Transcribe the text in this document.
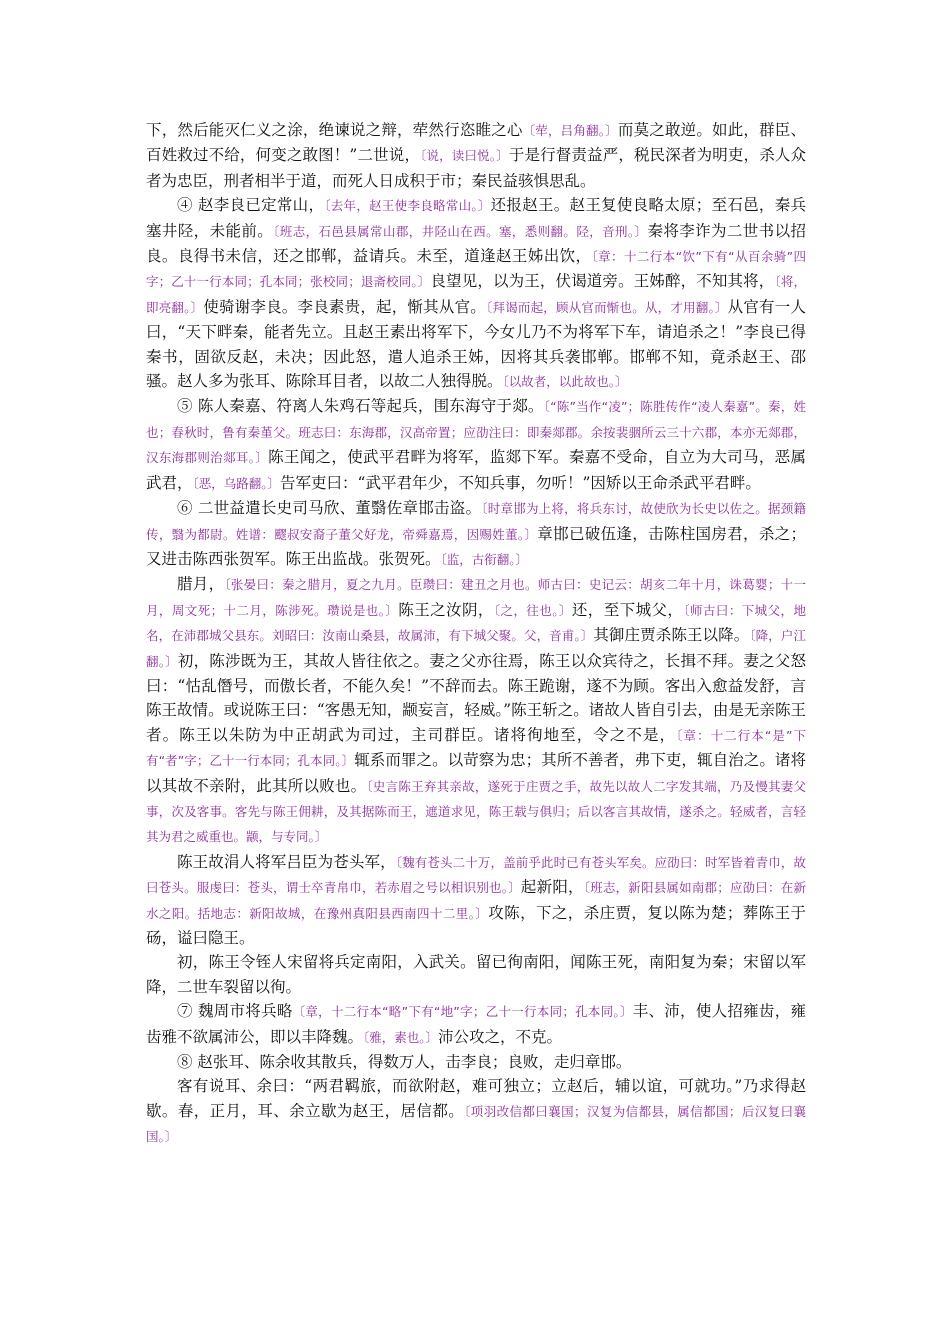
下，然后能灭仁义之涂，绝谏说之辩，荦然行恣睢之心〔荦，吕角翻。〕而莫之敢逆。如此，群臣、百姓救过不给，何变之敢图！”二世说，〔说，读曰悦。〕于是行督责益严，税民深者为明吏，杀人众者为忠臣，刑者相半于道，而死人日成积于市；秦民益骇惧思乱。

④ 赵李良已定常山，〔去年，赵王使李良略常山。〕还报赵王。赵王复使良略太原；至石邑，秦兵塞井陉，未能前。〔班志，石邑县属常山郡，井陉山在西。塞，悉则翻。陉，音刑。〕秦将李诈为二世书以招良。良得书未信，还之邯郸，益请兵。未至，道逢赵王姊出饮，〔章：十二行本“饮”下有“从百余骑”四字；乙十一行本同；孔本同；张校同；退斋校同。〕良望见，以为王，伏谒道旁。王姊醉，不知其将，〔将，即亮翻。〕使骑谢李良。李良素贵，起，惭其从官。〔拜谒而起，顾从官而惭也。从，才用翻。〕从官有一人曰，“天下畔秦，能者先立。且赵王素出将军下，今女儿乃不为将军下车，请追杀之！”李良已得秦书，固欲反赵，未决；因此怒，遣人追杀王姊，因将其兵袭邯郸。邯郸不知，竟杀赵王、邵骚。赵人多为张耳、陈除耳目者，以故二人独得脱。〔以故者，以此故也。〕

⑤ 陈人秦嘉、符离人朱鸡石等起兵，围东海守于郯。〔“陈”当作“凌”；陈胜传作“凌人秦嘉”。秦，姓也；春秋时，鲁有秦堇父。班志曰：东海郡，汉高帝置；应劭注曰：即秦郯郡。余按裴骃所云三十六郡，本亦无郯郡，汉东海郡则治郯耳。〕陈王闻之，使武平君畔为将军，监郯下军。秦嘉不受命，自立为大司马，恶属武君，〔恶，乌路翻。〕告军吏曰：“武平君年少，不知兵事，勿听！”因矫以王命杀武平君畔。

⑥ 二世益遣长史司马欣、董翳佐章邯击盗。〔时章邯为上将，将兵东讨，故使欣为长史以佐之。据颈籍传，翳为都尉。姓谱：飂叔安裔子董父好龙，帝舜嘉焉，因赐姓董。〕章邯已破伍逢，击陈柱国房君，杀之；又进击陈西张贺军。陈王出监战。张贺死。〔监，古衔翻。〕

腊月，〔张晏曰：秦之腊月，夏之九月。臣瓒曰：建丑之月也。师古曰：史记云：胡亥二年十月，诛葛婴；十一月，周文死；十二月，陈涉死。瓒说是也。〕陈王之汝阴，〔之，往也。〕还，至下城父，〔师古曰：下城父，地名，在沛郡城父县东。刘昭曰：汝南山桑县，故属沛，有下城父聚。父，音甫。〕其御庄贾杀陈王以降。〔降，户江翻。〕初，陈涉既为王，其故人皆往依之。妻之父亦往焉，陈王以众宾待之，长揖不拜。妻之父怒曰：“怙乱僭号，而傲长者，不能久矣！”不辞而去。陈王跪谢，遂不为顾。客出入愈益发舒，言陈王故情。或说陈王曰：“客愚无知，颛妄言，轻威。”陈王斩之。诸故人皆自引去，由是无亲陈王者。陈王以朱防为中正胡武为司过，主司群臣。诸将徇地至，令之不是，〔章：十二行本“是”下有“者”字；乙十一行本同；孔本同。〕辄系而罪之。以苛察为忠；其所不善者，弗下吏，辄自治之。诸将以其故不亲附，此其所以败也。〔史言陈王弃其亲故，遂死于庄贾之手，故先以故人二字发其端，乃及慢其妻父事，次及客事。客先与陈王佣耕，及其据陈而王，遮道求见，陈王载与俱归；后以客言其故情，遂杀之。轻威者，言轻其为君之威重也。颛，与专同。〕

陈王故涓人将军吕臣为苍头军，〔魏有苍头二十万，盖前乎此时已有苍头军矣。应劭曰：时军皆着青巾，故曰苍头。服虔曰：苍头，谓士卒青帛巾，若赤眉之号以相识别也。〕起新阳，〔班志，新阳县属如南郡；应劭曰：在新水之阳。括地志：新阳故城，在豫州真阳县西南四十二里。〕攻陈，下之，杀庄贾，复以陈为楚；葬陈王于砀，谥曰隐王。

初，陈王令铚人宋留将兵定南阳，入武关。留已徇南阳，闻陈王死，南阳复为秦；宋留以军降，二世车裂留以徇。

⑦ 魏周市将兵略〔章，十二行本“略”下有“地”字；乙十一行本同；孔本同。〕丰、沛，使人招雍齿，雍齿雅不欲属沛公，即以丰降魏。〔雅，素也。〕沛公攻之，不克。

⑧ 赵张耳、陈余收其散兵，得数万人，击李良；良败，走归章邯。

客有说耳、余曰：“两君羁旅，而欲附赵，难可独立；立赵后，辅以谊，可就功。”乃求得赵歇。春，正月，耳、余立歇为赵王，居信都。〔项羽改信都曰襄国；汉复为信都县，属信都国；后汉复曰襄国。〕
